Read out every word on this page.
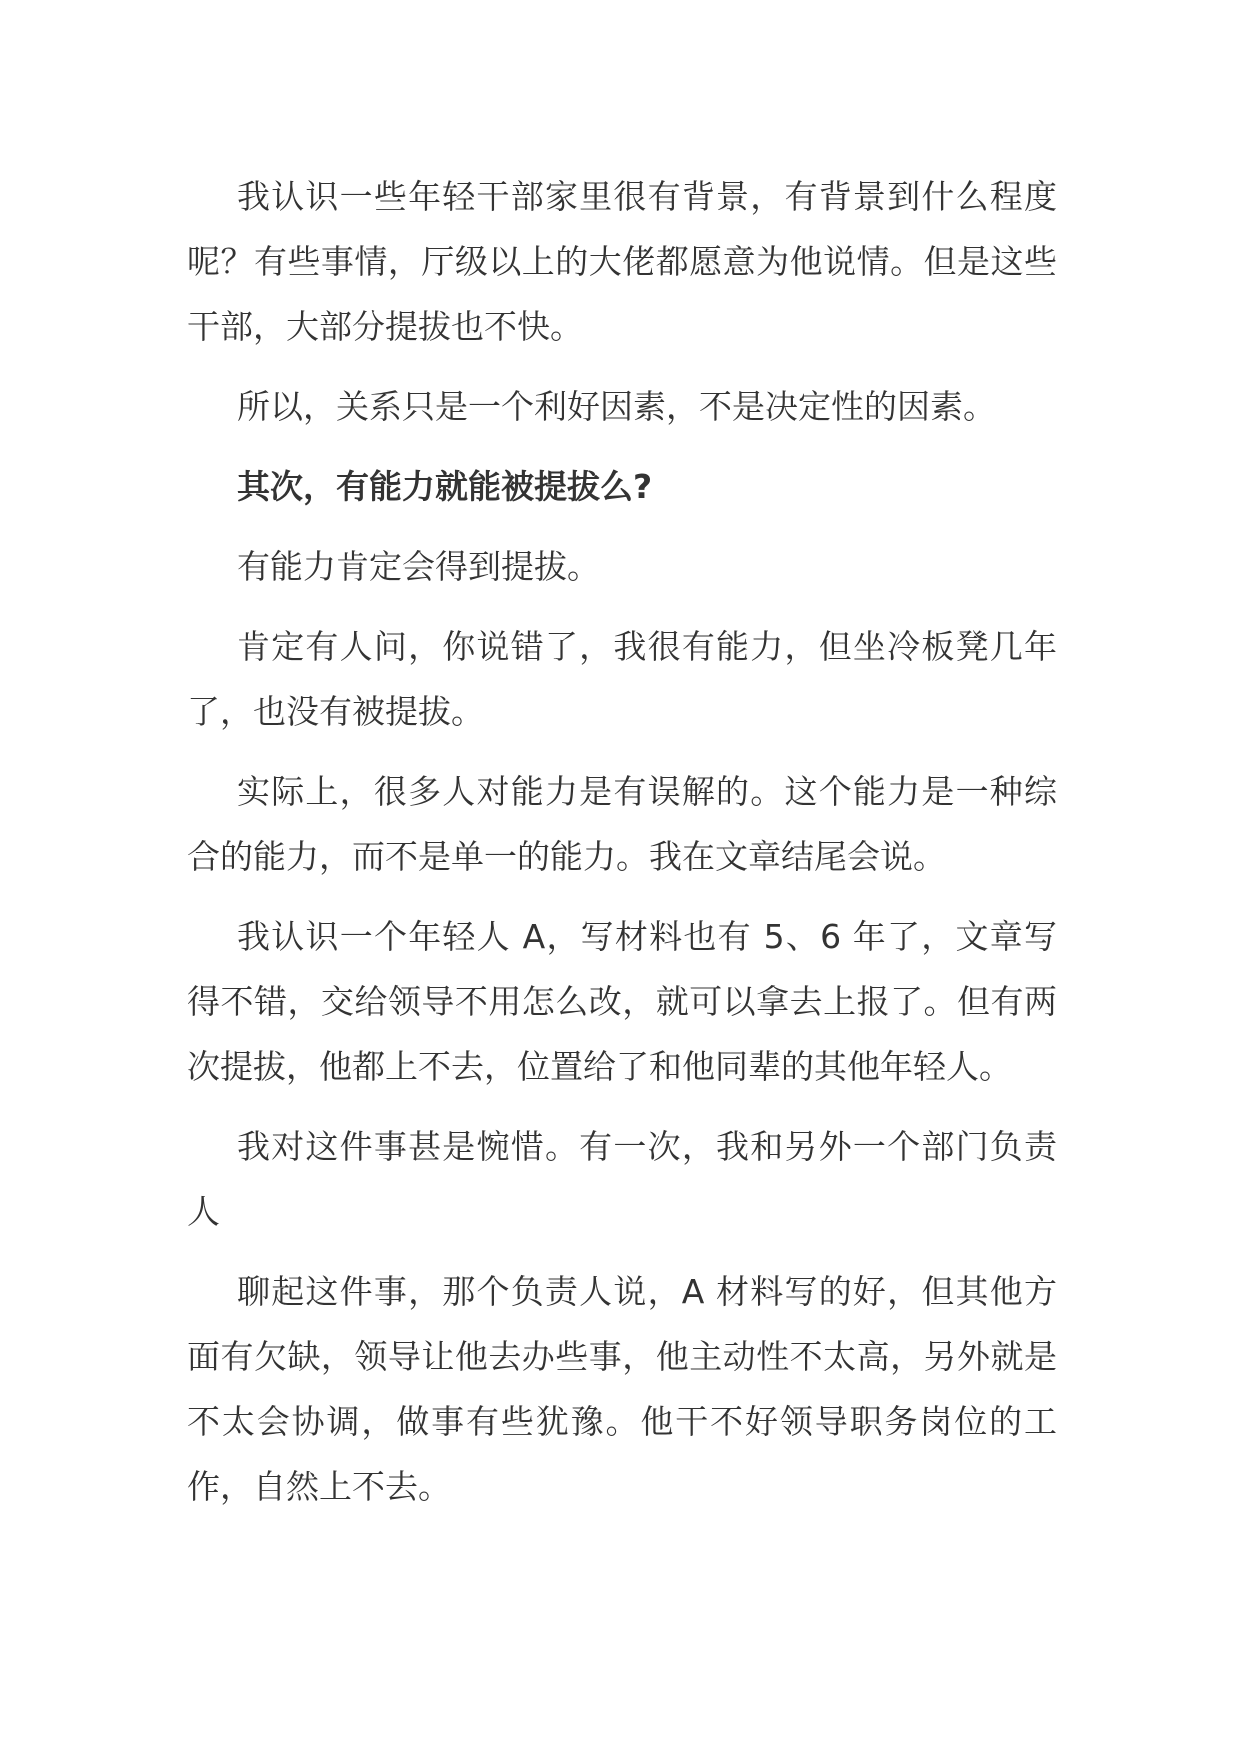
我认识一些年轻干部家里很有背景，有背景到什么程度呢？有些事情，厅级以上的大佬都愿意为他说情。但是这些干部，大部分提拔也不快。

所以，关系只是一个利好因素，不是决定性的因素。

其次，有能力就能被提拔么?

有能力肯定会得到提拔。

肯定有人问，你说错了，我很有能力，但坐冷板凳几年了，也没有被提拔。

实际上，很多人对能力是有误解的。这个能力是一种综合的能力，而不是单一的能力。我在文章结尾会说。

我认识一个年轻人 A，写材料也有 5、6 年了，文章写得不错，交给领导不用怎么改，就可以拿去上报了。但有两次提拔，他都上不去，位置给了和他同辈的其他年轻人。

我对这件事甚是惋惜。有一次，我和另外一个部门负责人

聊起这件事，那个负责人说，A 材料写的好，但其他方面有欠缺，领导让他去办些事，他主动性不太高，另外就是不太会协调，做事有些犹豫。他干不好领导职务岗位的工作，自然上不去。
